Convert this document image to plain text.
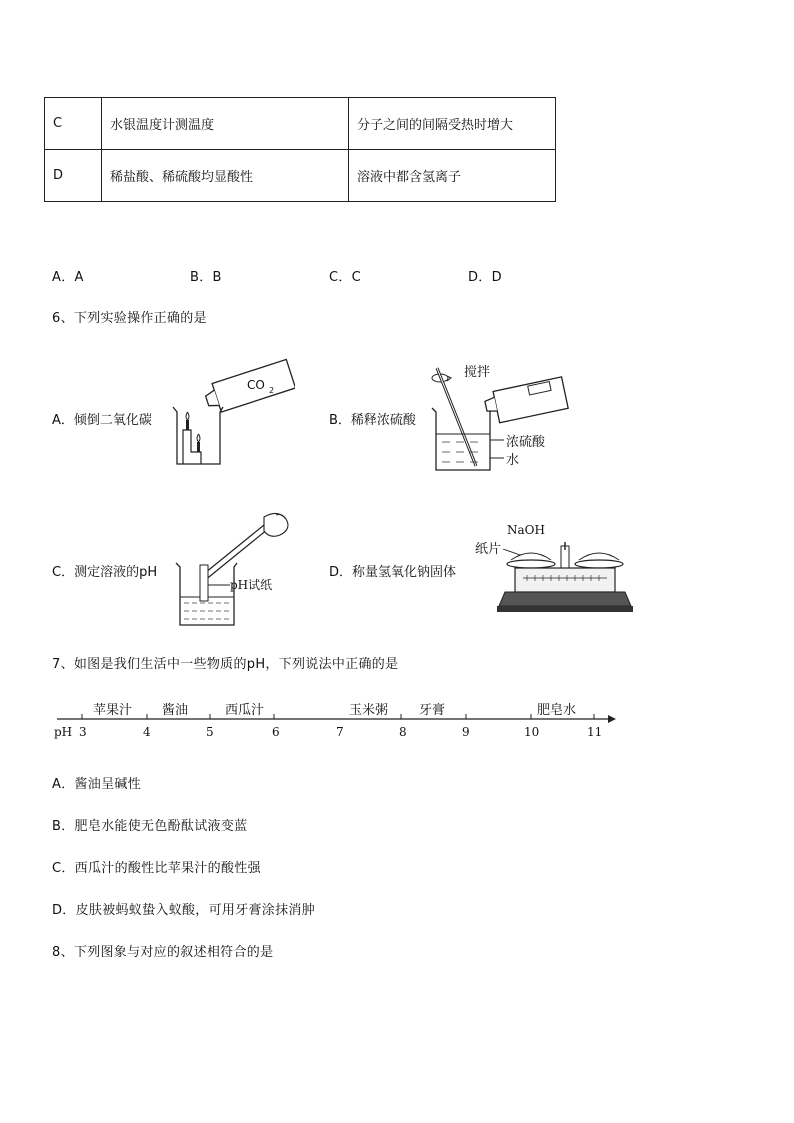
C	水银温度计测温度	分子之间的间隔受热时增大
D	稀盐酸、稀硫酸均显酸性	溶液中都含氢离子
A．A	B．B	C．C	D．D
6、下列实验操作正确的是
A．倾倒二氧化碳
CO 2
B．稀释浓硫酸
搅拌
浓硫酸
水
C．测定溶液的pH
pH试纸
D．称量氢氧化钠固体
NaOH
纸片
7、如图是我们生活中一些物质的pH，下列说法中正确的是
苹果汁 酱油	西瓜汁	玉米粥 牙膏	肥皂水
pH 3	4	5	6	7	8	9	10	11
A．酱油呈碱性
B．肥皂水能使无色酚酞试液变蓝
C．西瓜汁的酸性比苹果汁的酸性强
D．皮肤被蚂蚁蛰入蚁酸，可用牙膏涂抹消肿
8、下列图象与对应的叙述相符合的是
